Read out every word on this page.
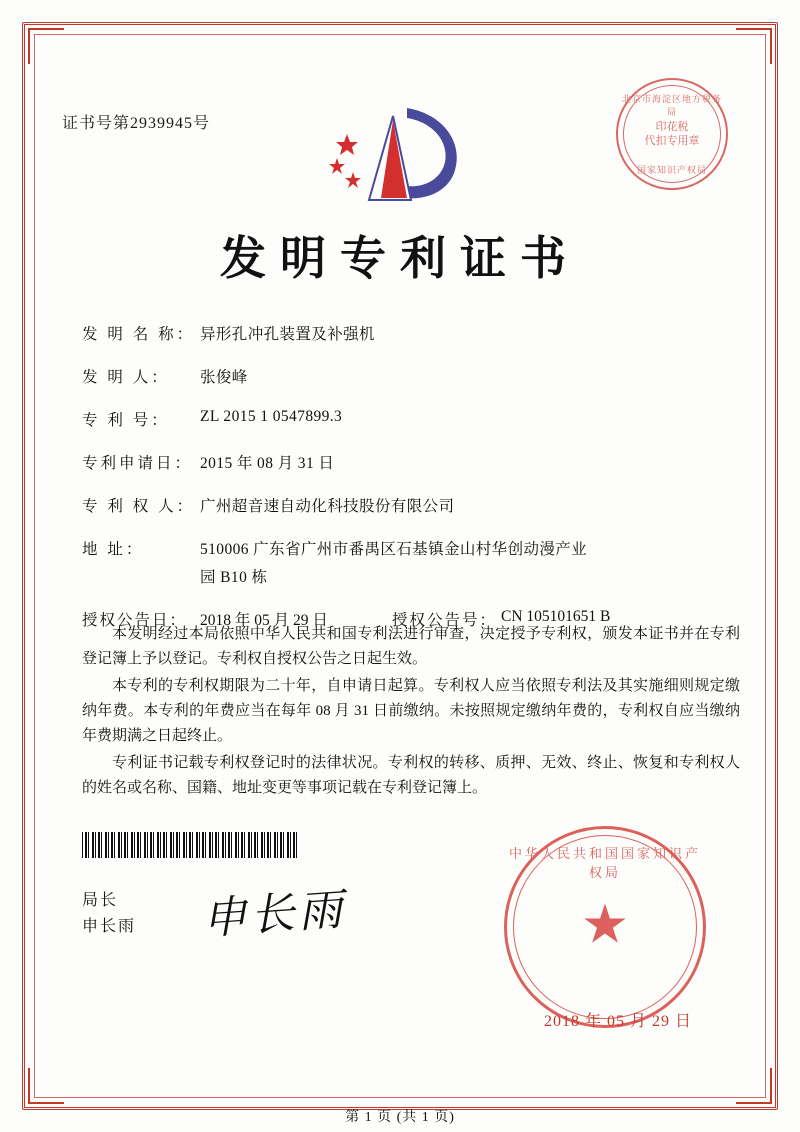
证书号第2939945号
北京市海淀区地方税务局
印花税
代扣专用章
国家知识产权局
发明专利证书
发 明 名 称： 异形孔冲孔装置及补强机
发 明 人：	张俊峰
专 利 号：	ZL 2015 1 0547899.3
专利申请日： 2015 年 08 月 31 日
专 利 权 人： 广州超音速自动化科技股份有限公司
地 址：	510006 广东省广州市番禺区石基镇金山村华创动漫产业
园 B10 栋
授权公告日： 2018 年 05 月 29 日	授权公告号： CN 105101651 B

本发明经过本局依照中华人民共和国专利法进行审查，决定授予专利权，颁发本证书并在专利登记簿上予以登记。专利权自授权公告之日起生效。

本专利的专利权期限为二十年，自申请日起算。专利权人应当依照专利法及其实施细则规定缴纳年费。本专利的年费应当在每年 08 月 31 日前缴纳。未按照规定缴纳年费的，专利权自应当缴纳年费期满之日起终止。

专利证书记载专利权登记时的法律状况。专利权的转移、质押、无效、终止、恢复和专利权人的姓名或名称、国籍、地址变更等事项记载在专利登记簿上。

局长
申长雨 申长雨
中华人民共和国国家知识产权局
★
2018 年 05 月 29 日
第 1 页 (共 1 页)
